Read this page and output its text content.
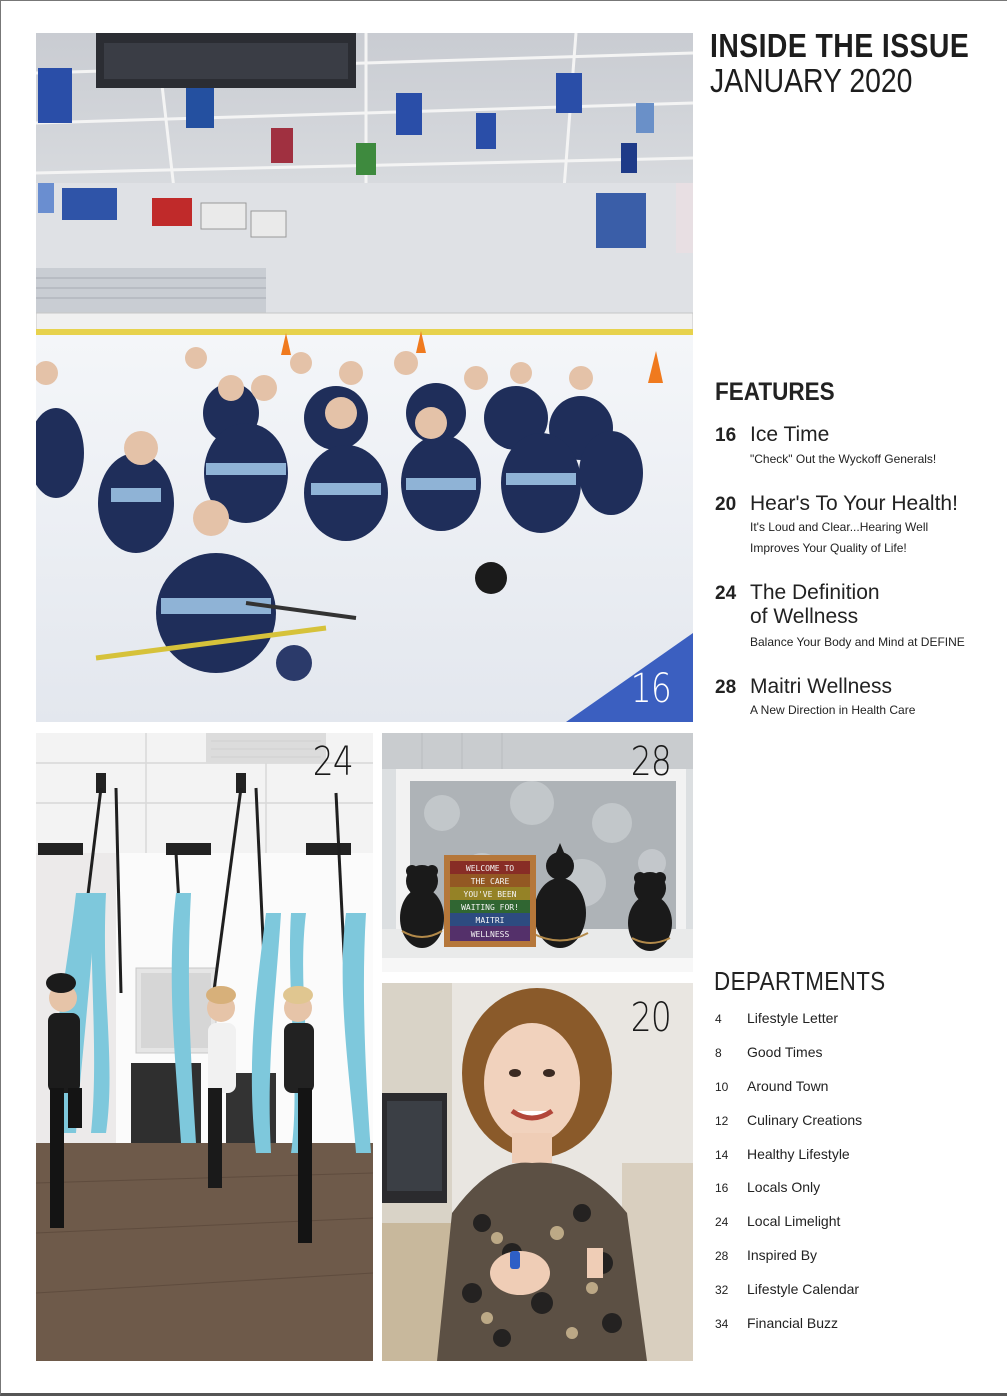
16
24
WELCOME TO
THE CARE
YOU'VE BEEN
WAITING FOR!
MAITRI
WELLNESS
28
20
INSIDE THE ISSUE
JANUARY 2020
FEATURES
16 Ice Time
"Check" Out the Wyckoff Generals!
20 Hear's To Your Health!
It's Loud and Clear...Hearing Well
Improves Your Quality of Life!
24 The Definition
of Wellness
Balance Your Body and Mind at DEFINE
28 Maitri Wellness
A New Direction in Health Care
DEPARTMENTS
4 Lifestyle Letter
8 Good Times
10 Around Town
12 Culinary Creations
14 Healthy Lifestyle
16 Locals Only
24 Local Limelight
28 Inspired By
32 Lifestyle Calendar
34 Financial Buzz
